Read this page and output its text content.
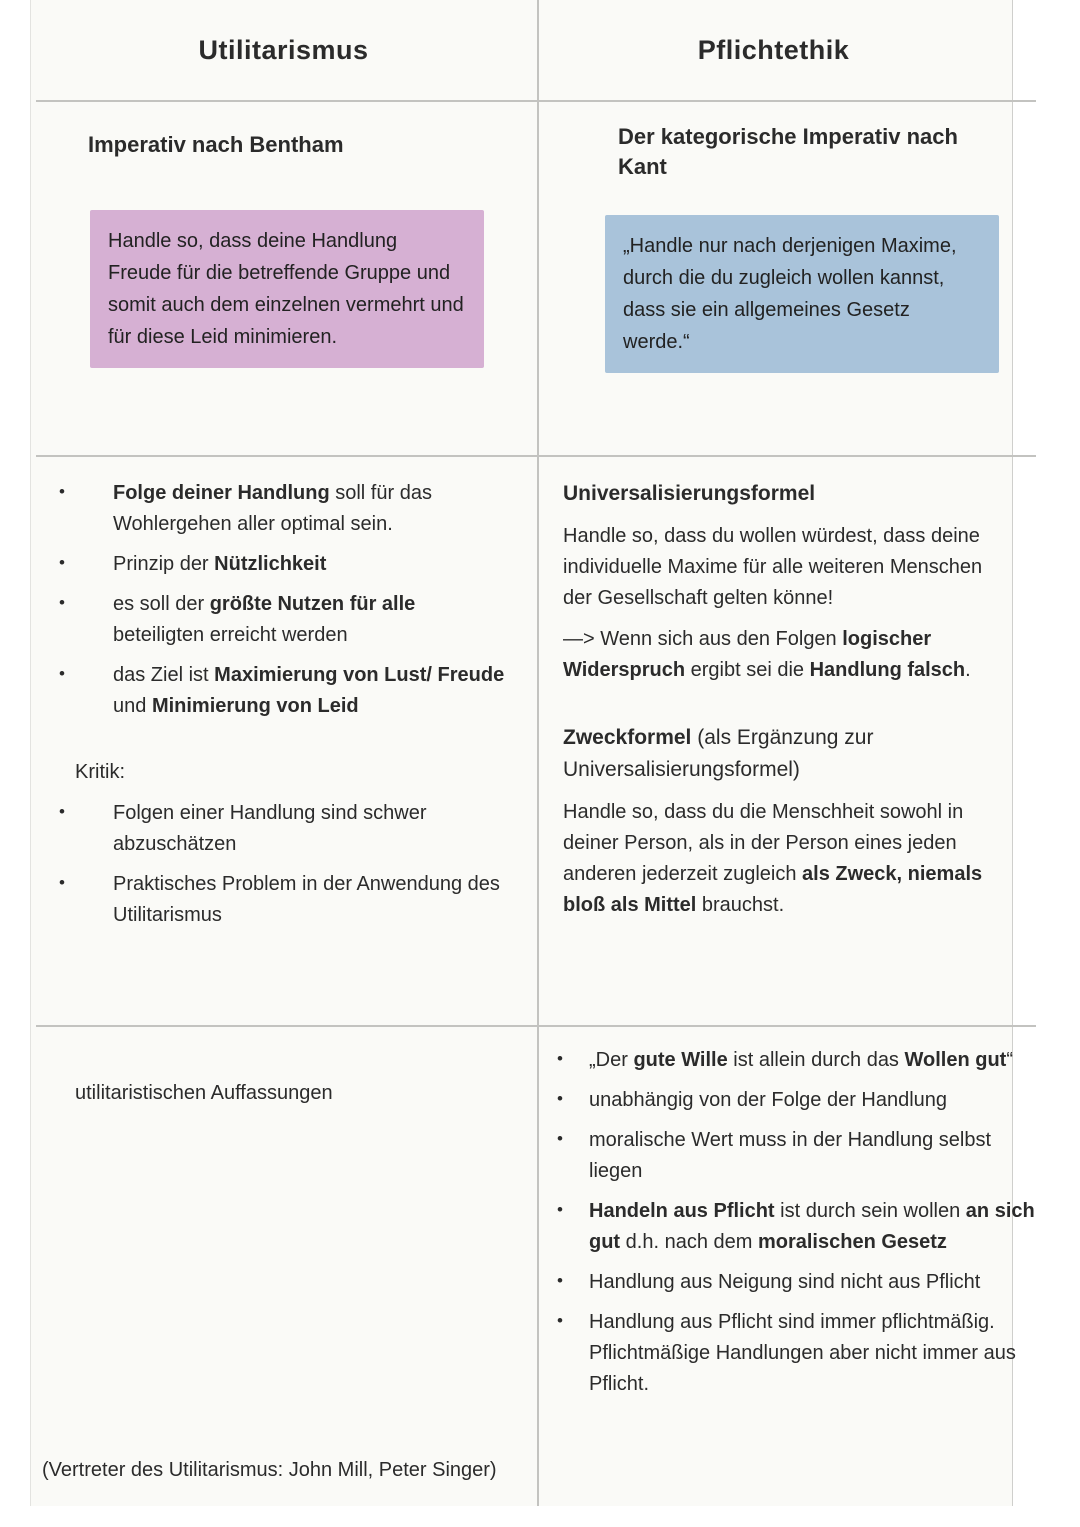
Utilitarismus	Pflichtethik
Imperativ nach Bentham
Handle so, dass deine Handlung Freude für die betreffende Gruppe und somit auch dem einzelnen vermehrt und für diese Leid minimieren.
Der kategorische Imperativ nach Kant
„Handle nur nach derjenigen Maxime, durch die du zugleich wollen kannst, dass sie ein allgemeines Gesetz werde.“
• Folge deiner Handlung soll für das Wohlergehen aller optimal sein.
• Prinzip der Nützlichkeit
• es soll der größte Nutzen für alle beteiligten erreicht werden
• das Ziel ist Maximierung von Lust/ Freude und Minimierung von Leid
Kritik:
• Folgen einer Handlung sind schwer abzuschätzen
• Praktisches Problem in der Anwendung des Utilitarismus
Universalisierungsformel
Handle so, dass du wollen würdest, dass deine individuelle Maxime für alle weiteren Menschen der Gesellschaft gelten könne!
—> Wenn sich aus den Folgen logischer Widerspruch ergibt sei die Handlung falsch.
Zweckformel (als Ergänzung zur Universalisierungsformel)
Handle so, dass du die Menschheit sowohl in deiner Person, als in der Person eines jeden anderen jederzeit zugleich als Zweck, niemals bloß als Mittel brauchst.
utilitaristischen Auffassungen
(Vertreter des Utilitarismus: John Mill, Peter Singer)
• „Der gute Wille ist allein durch das Wollen gut“
• unabhängig von der Folge der Handlung
• moralische Wert muss in der Handlung selbst liegen
• Handeln aus Pflicht ist durch sein wollen an sich gut d.h. nach dem moralischen Gesetz
• Handlung aus Neigung sind nicht aus Pflicht
• Handlung aus Pflicht sind immer pflichtmäßig. Pflichtmäßige Handlungen aber nicht immer aus Pflicht.
